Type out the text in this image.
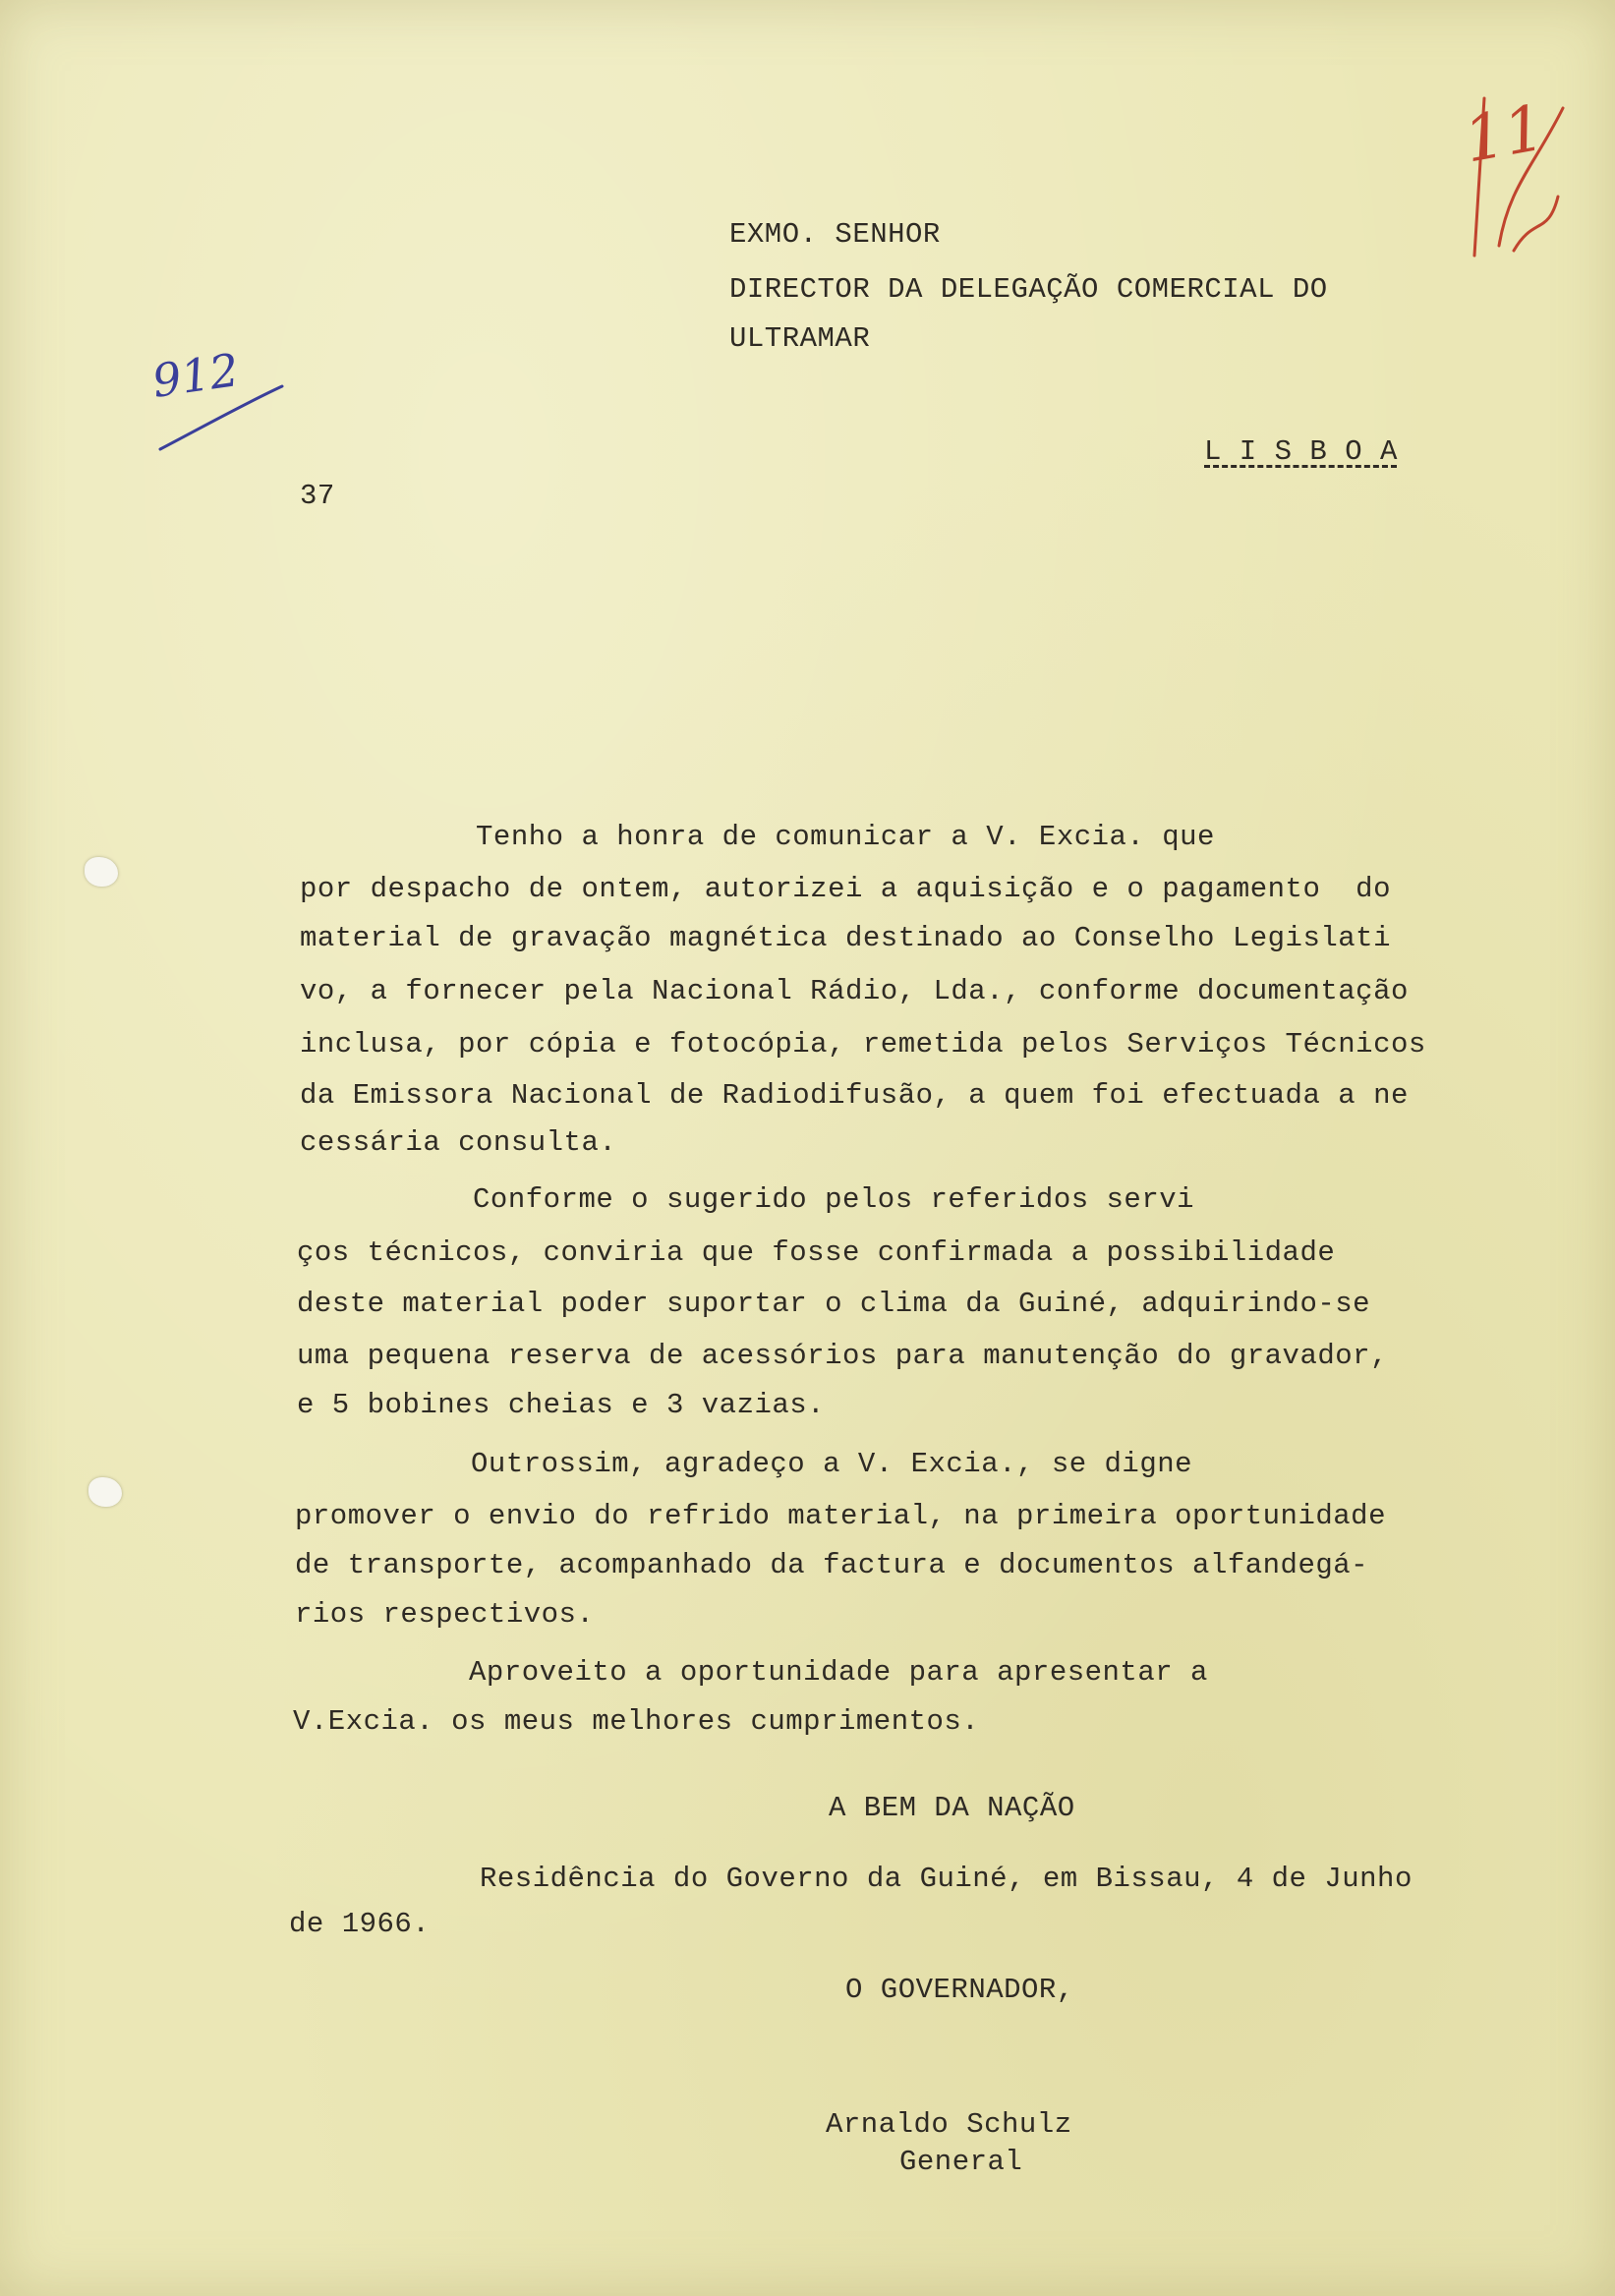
912
11

EXMO. SENHOR

DIRECTOR DA DELEGAÇÃO COMERCIAL DO

ULTRAMAR

L I S B O A

37

Tenho a honra de comunicar a V. Excia. que

por despacho de ontem, autorizei a aquisição e o pagamento  do

material de gravação magnética destinado ao Conselho Legislati

vo, a fornecer pela Nacional Rádio, Lda., conforme documentação

inclusa, por cópia e fotocópia, remetida pelos Serviços Técnicos

da Emissora Nacional de Radiodifusão, a quem foi efectuada a ne

cessária consulta.

Conforme o sugerido pelos referidos servi

ços técnicos, conviria que fosse confirmada a possibilidade

deste material poder suportar o clima da Guiné, adquirindo-se

uma pequena reserva de acessórios para manutenção do gravador,

e 5 bobines cheias e 3 vazias.

Outrossim, agradeço a V. Excia., se digne

promover o envio do refrido material, na primeira oportunidade

de transporte, acompanhado da factura e documentos alfandegá-

rios respectivos.

Aproveito a oportunidade para apresentar a

V.Excia. os meus melhores cumprimentos.

A BEM DA NAÇÃO

Residência do Governo da Guiné, em Bissau, 4 de Junho

de 1966.

O GOVERNADOR,

Arnaldo Schulz

General
